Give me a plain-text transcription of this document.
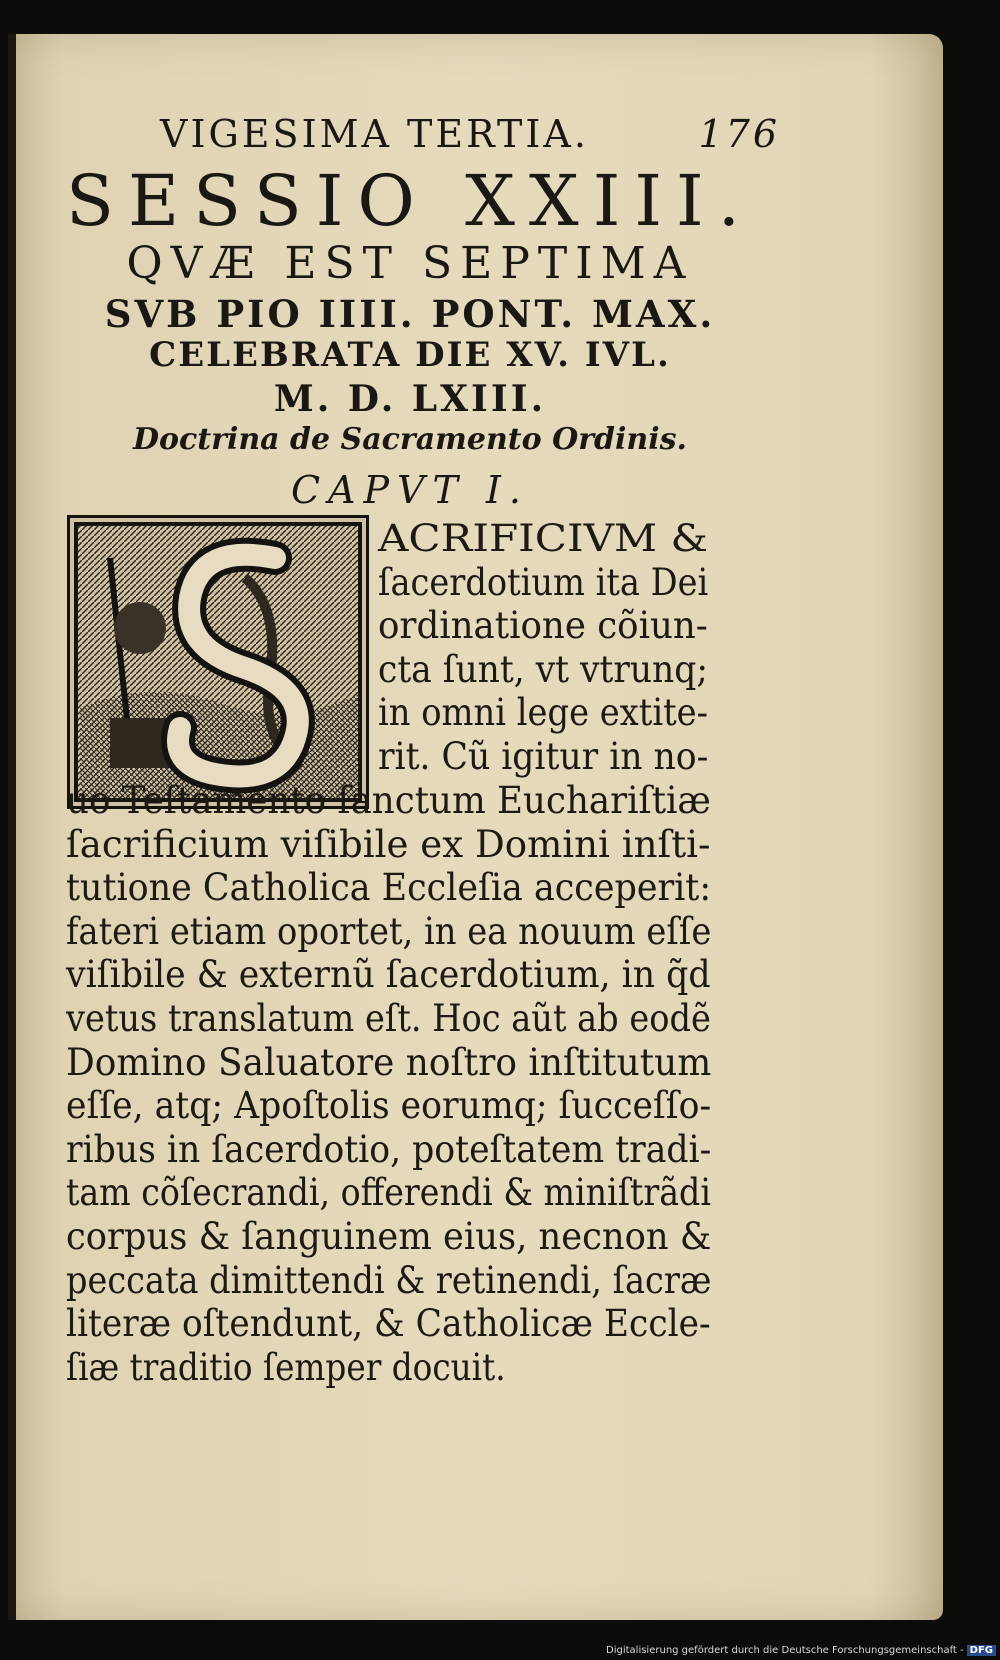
VIGESIMA TERTIA.	176
SESSIO XXIII.
QVÆ EST SEPTIMA
SVB PIO IIII. PONT. MAX.
CELEBRATA DIE XV. IVL.
M. D. LXIII.
Doctrina de Sacramento Ordinis.
CAPVT I.
ACRIFICIVM &
ſacerdotium ita Dei
ordinatione cõiun-
cta ſunt, vt vtrunq;
in omni lege extite-
rit. Cũ igitur in no-
uo Teſtamento ſanctum Euchariſtiæ
ſacrificium viſibile ex Domini inſti-
tutione Catholica Eccleſia acceperit:
fateri etiam oportet, in ea nouum eſſe
viſibile & externũ ſacerdotium, in q̃d
vetus translatum eſt. Hoc aũt ab eodẽ
Domino Saluatore noſtro inſtitutum
eſſe, atq; Apoſtolis eorumq; ſucceſſo-
ribus in ſacerdotio, poteſtatem tradi-
tam cõſecrandi, offerendi & miniſtrãdi
corpus & ſanguinem eius, necnon &
peccata dimittendi & retinendi, ſacræ
literæ oſtendunt, & Catholicæ Eccle-
ſiæ traditio ſemper docuit.
Digitalisierung gefördert durch die Deutsche Forschungsgemeinschaft - DFG
